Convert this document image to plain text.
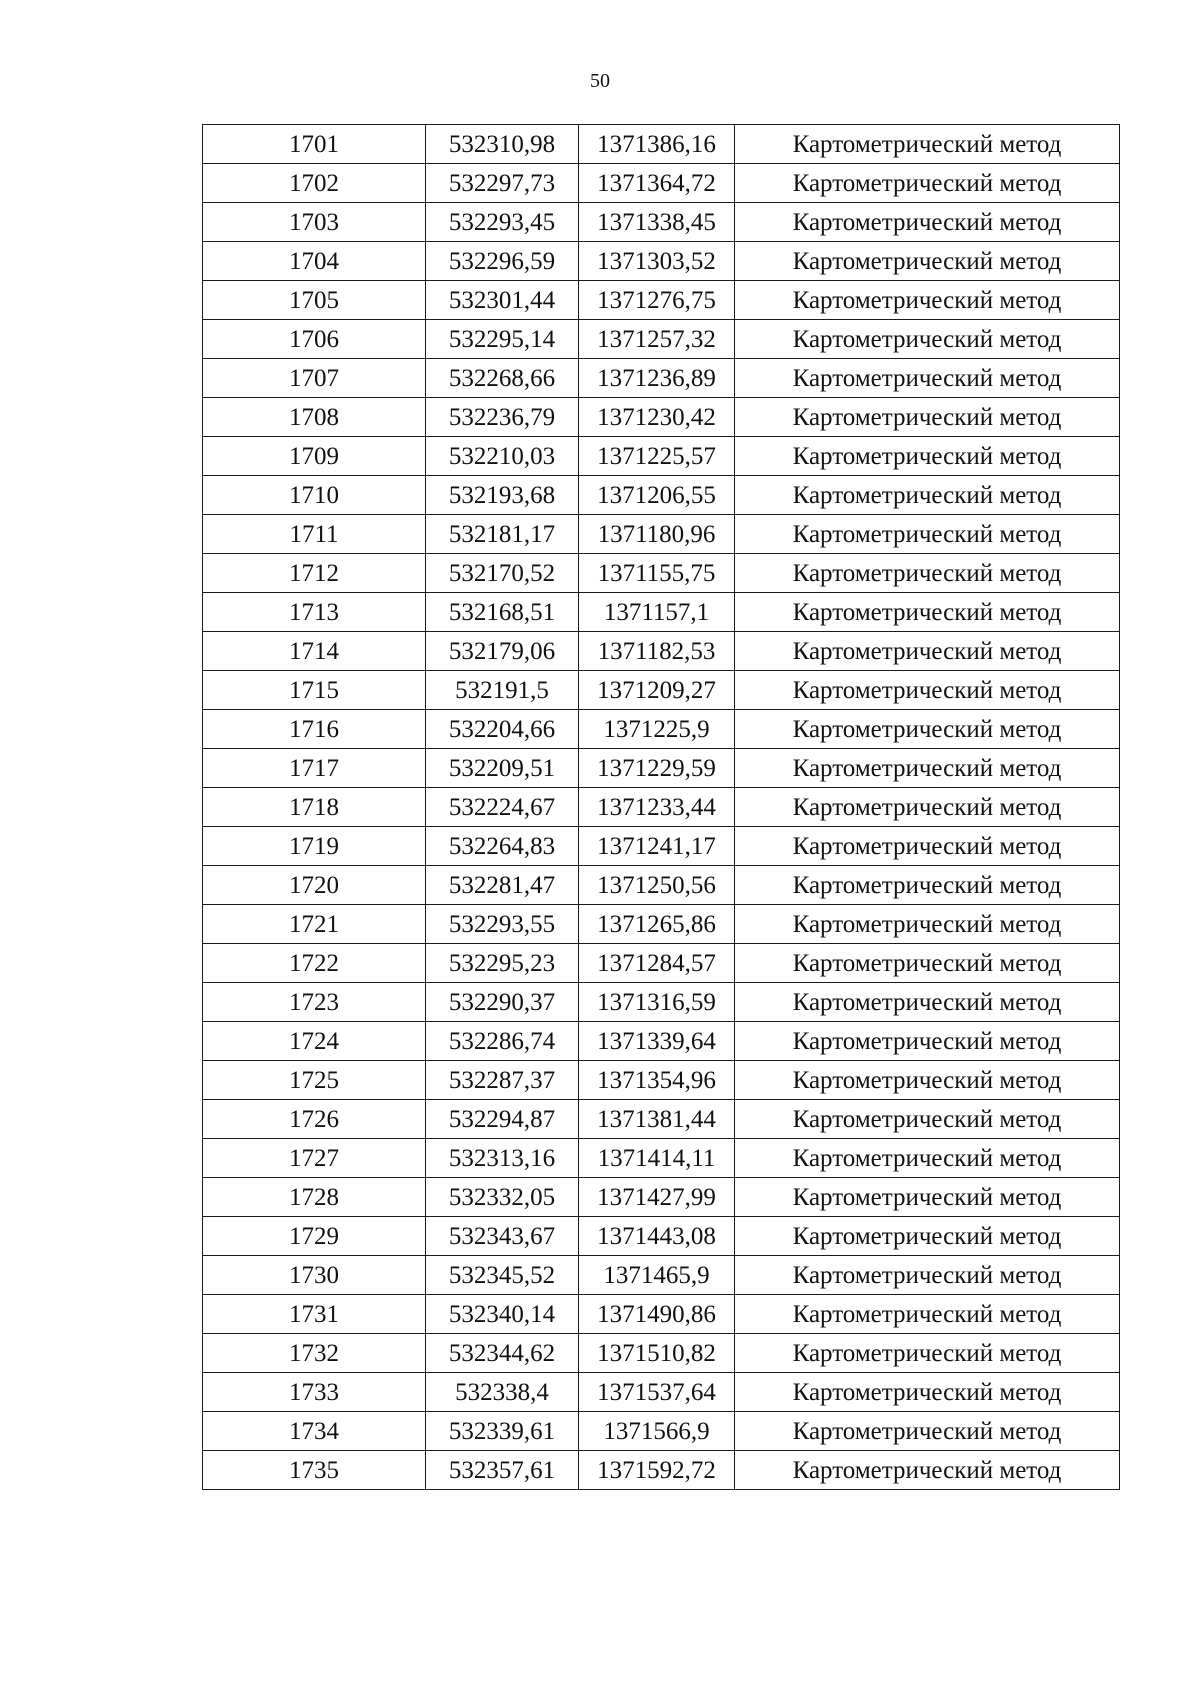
50
1701	532310,98	1371386,16	Картометрический метод
1702	532297,73	1371364,72	Картометрический метод
1703	532293,45	1371338,45	Картометрический метод
1704	532296,59	1371303,52	Картометрический метод
1705	532301,44	1371276,75	Картометрический метод
1706	532295,14	1371257,32	Картометрический метод
1707	532268,66	1371236,89	Картометрический метод
1708	532236,79	1371230,42	Картометрический метод
1709	532210,03	1371225,57	Картометрический метод
1710	532193,68	1371206,55	Картометрический метод
1711	532181,17	1371180,96	Картометрический метод
1712	532170,52	1371155,75	Картометрический метод
1713	532168,51	1371157,1	Картометрический метод
1714	532179,06	1371182,53	Картометрический метод
1715	532191,5	1371209,27	Картометрический метод
1716	532204,66	1371225,9	Картометрический метод
1717	532209,51	1371229,59	Картометрический метод
1718	532224,67	1371233,44	Картометрический метод
1719	532264,83	1371241,17	Картометрический метод
1720	532281,47	1371250,56	Картометрический метод
1721	532293,55	1371265,86	Картометрический метод
1722	532295,23	1371284,57	Картометрический метод
1723	532290,37	1371316,59	Картометрический метод
1724	532286,74	1371339,64	Картометрический метод
1725	532287,37	1371354,96	Картометрический метод
1726	532294,87	1371381,44	Картометрический метод
1727	532313,16	1371414,11	Картометрический метод
1728	532332,05	1371427,99	Картометрический метод
1729	532343,67	1371443,08	Картометрический метод
1730	532345,52	1371465,9	Картометрический метод
1731	532340,14	1371490,86	Картометрический метод
1732	532344,62	1371510,82	Картометрический метод
1733	532338,4	1371537,64	Картометрический метод
1734	532339,61	1371566,9	Картометрический метод
1735	532357,61	1371592,72	Картометрический метод
